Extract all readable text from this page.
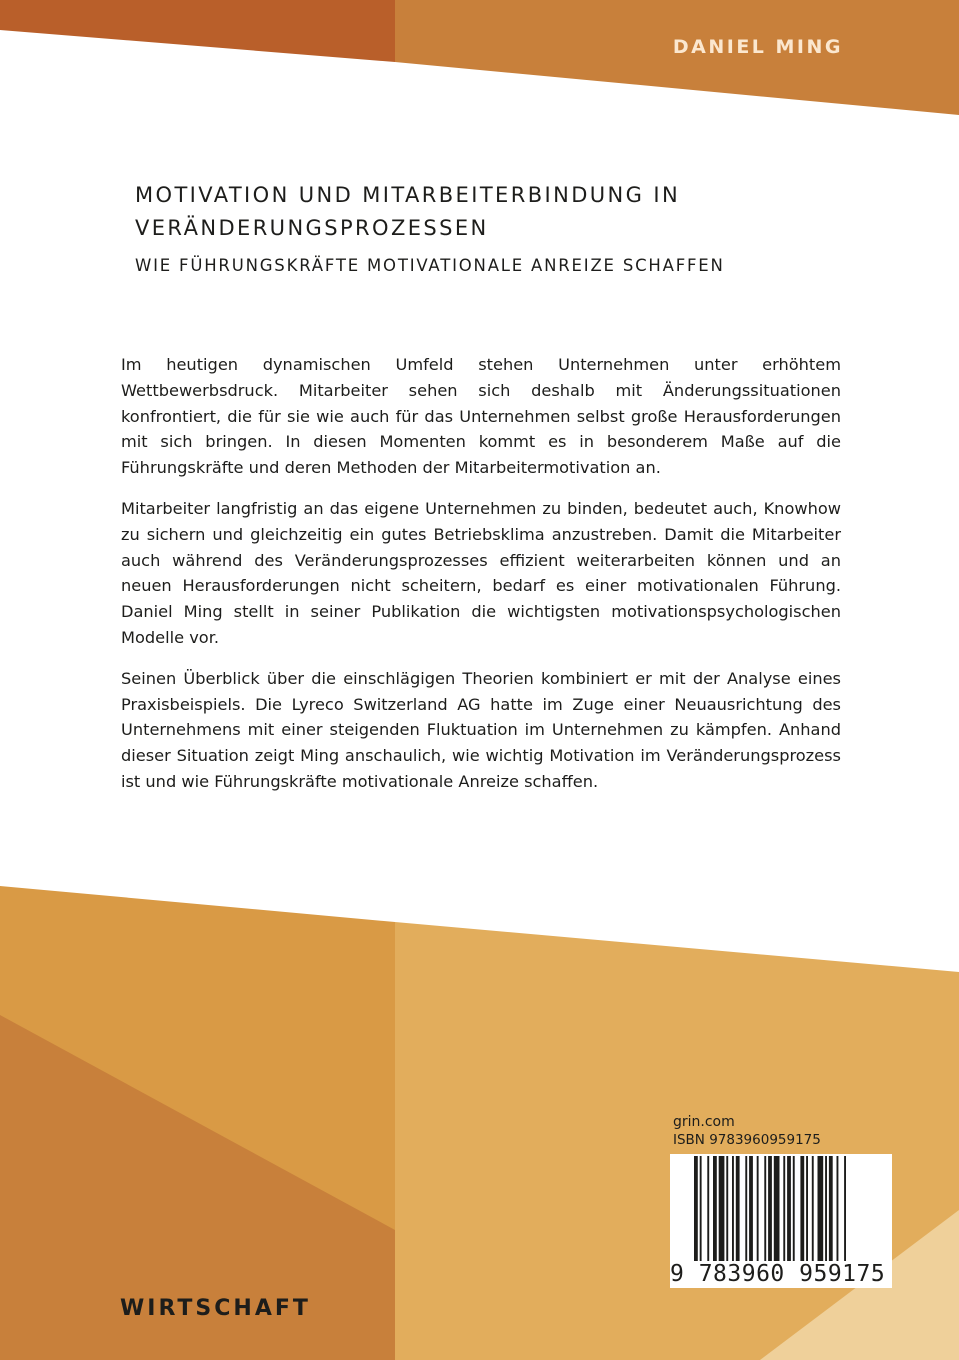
DANIEL MING
MOTIVATION UND MITARBEITERBINDUNG IN
VERÄNDERUNGSPROZESSEN
WIE FÜHRUNGSKRÄFTE MOTIVATIONALE ANREIZE SCHAFFEN

Im heutigen dynamischen Umfeld stehen Unternehmen unter erhöhtem Wettbewerbsdruck. Mitarbeiter sehen sich deshalb mit Änderungssituationen konfrontiert, die für sie wie auch für das Unternehmen selbst große Herausforderungen mit sich bringen. In diesen Momenten kommt es in besonderem Maße auf die Führungskräfte und deren Methoden der Mitarbeitermotivation an.

Mitarbeiter langfristig an das eigene Unternehmen zu binden, bedeutet auch, Knowhow zu sichern und gleichzeitig ein gutes Betriebsklima anzustreben. Damit die Mitarbeiter auch während des Veränderungsprozesses effizient weiterarbeiten können und an neuen Herausforderungen nicht scheitern, bedarf es einer motivationalen Führung. Daniel Ming stellt in seiner Publikation die wichtigsten motivationspsychologischen Modelle vor.

Seinen Überblick über die einschlägigen Theorien kombiniert er mit der Analyse eines Praxisbeispiels. Die Lyreco Switzerland AG hatte im Zuge einer Neuausrichtung des Unternehmens mit einer steigenden Fluktuation im Unternehmen zu kämpfen. Anhand dieser Situation zeigt Ming anschaulich, wie wichtig Motivation im Veränderungsprozess ist und wie Führungskräfte motivationale Anreize schaffen.

WIRTSCHAFT
grin.com
ISBN 9783960959175
9 783960 959175
